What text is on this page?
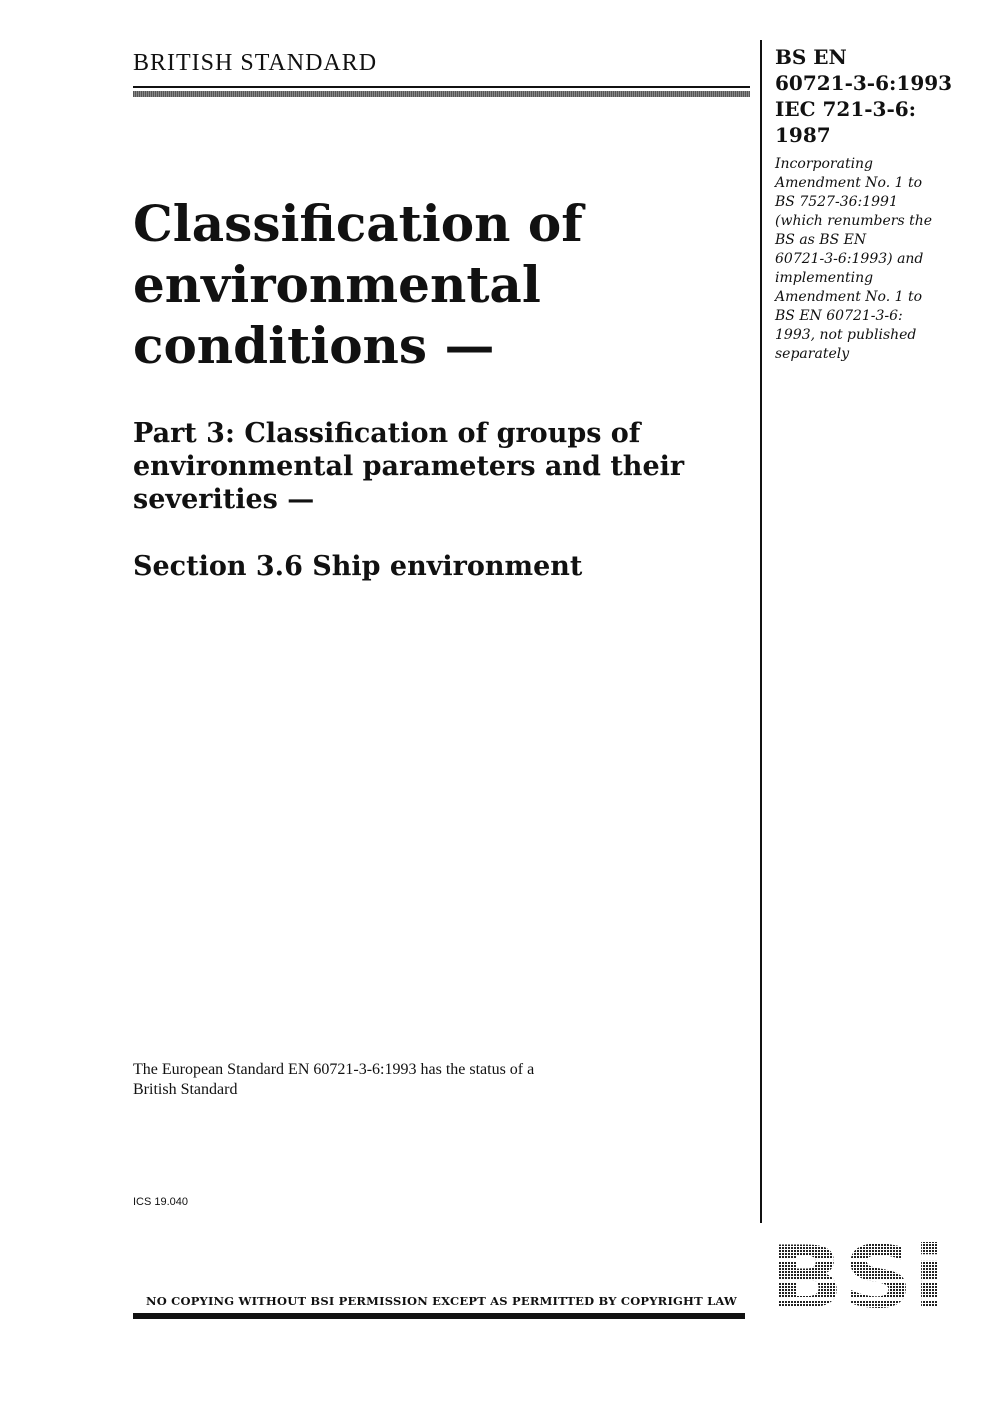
BRITISH STANDARD
Classification of
environmental
conditions —
Part 3: Classification of groups of
environmental parameters and their
severities —
Section 3.6 Ship environment
The European Standard EN 60721-3-6:1993 has the status of a
British Standard
ICS 19.040
BS EN
60721-3-6:1993
IEC 721-3-6:
1987
Incorporating
Amendment No. 1 to
BS 7527-36:1991
(which renumbers the
BS as BS EN
60721-3-6:1993) and
implementing
Amendment No. 1 to
BS EN 60721-3-6:
1993, not published
separately
NO COPYING WITHOUT BSI PERMISSION EXCEPT AS PERMITTED BY COPYRIGHT LAW
